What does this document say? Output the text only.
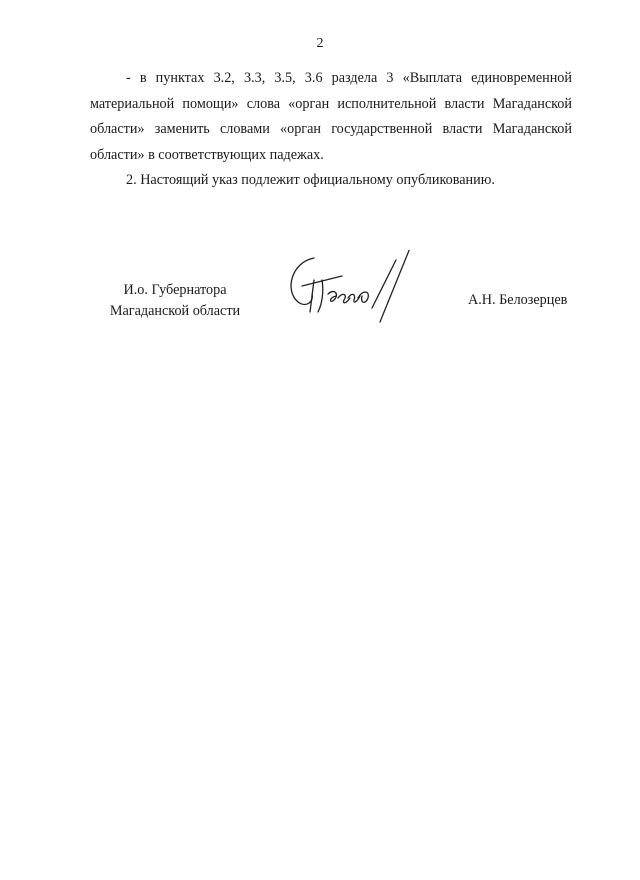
2

- в пунктах 3.2, 3.3, 3.5, 3.6 раздела 3 «Выплата единовременной материальной помощи» слова «орган исполнительной власти Магаданской области» заменить словами «орган государственной власти Магаданской области» в соответствующих падежах.

2. Настоящий указ подлежит официальному опубликованию.

И.о. Губернатора
Магаданской области
А.Н. Белозерцев
